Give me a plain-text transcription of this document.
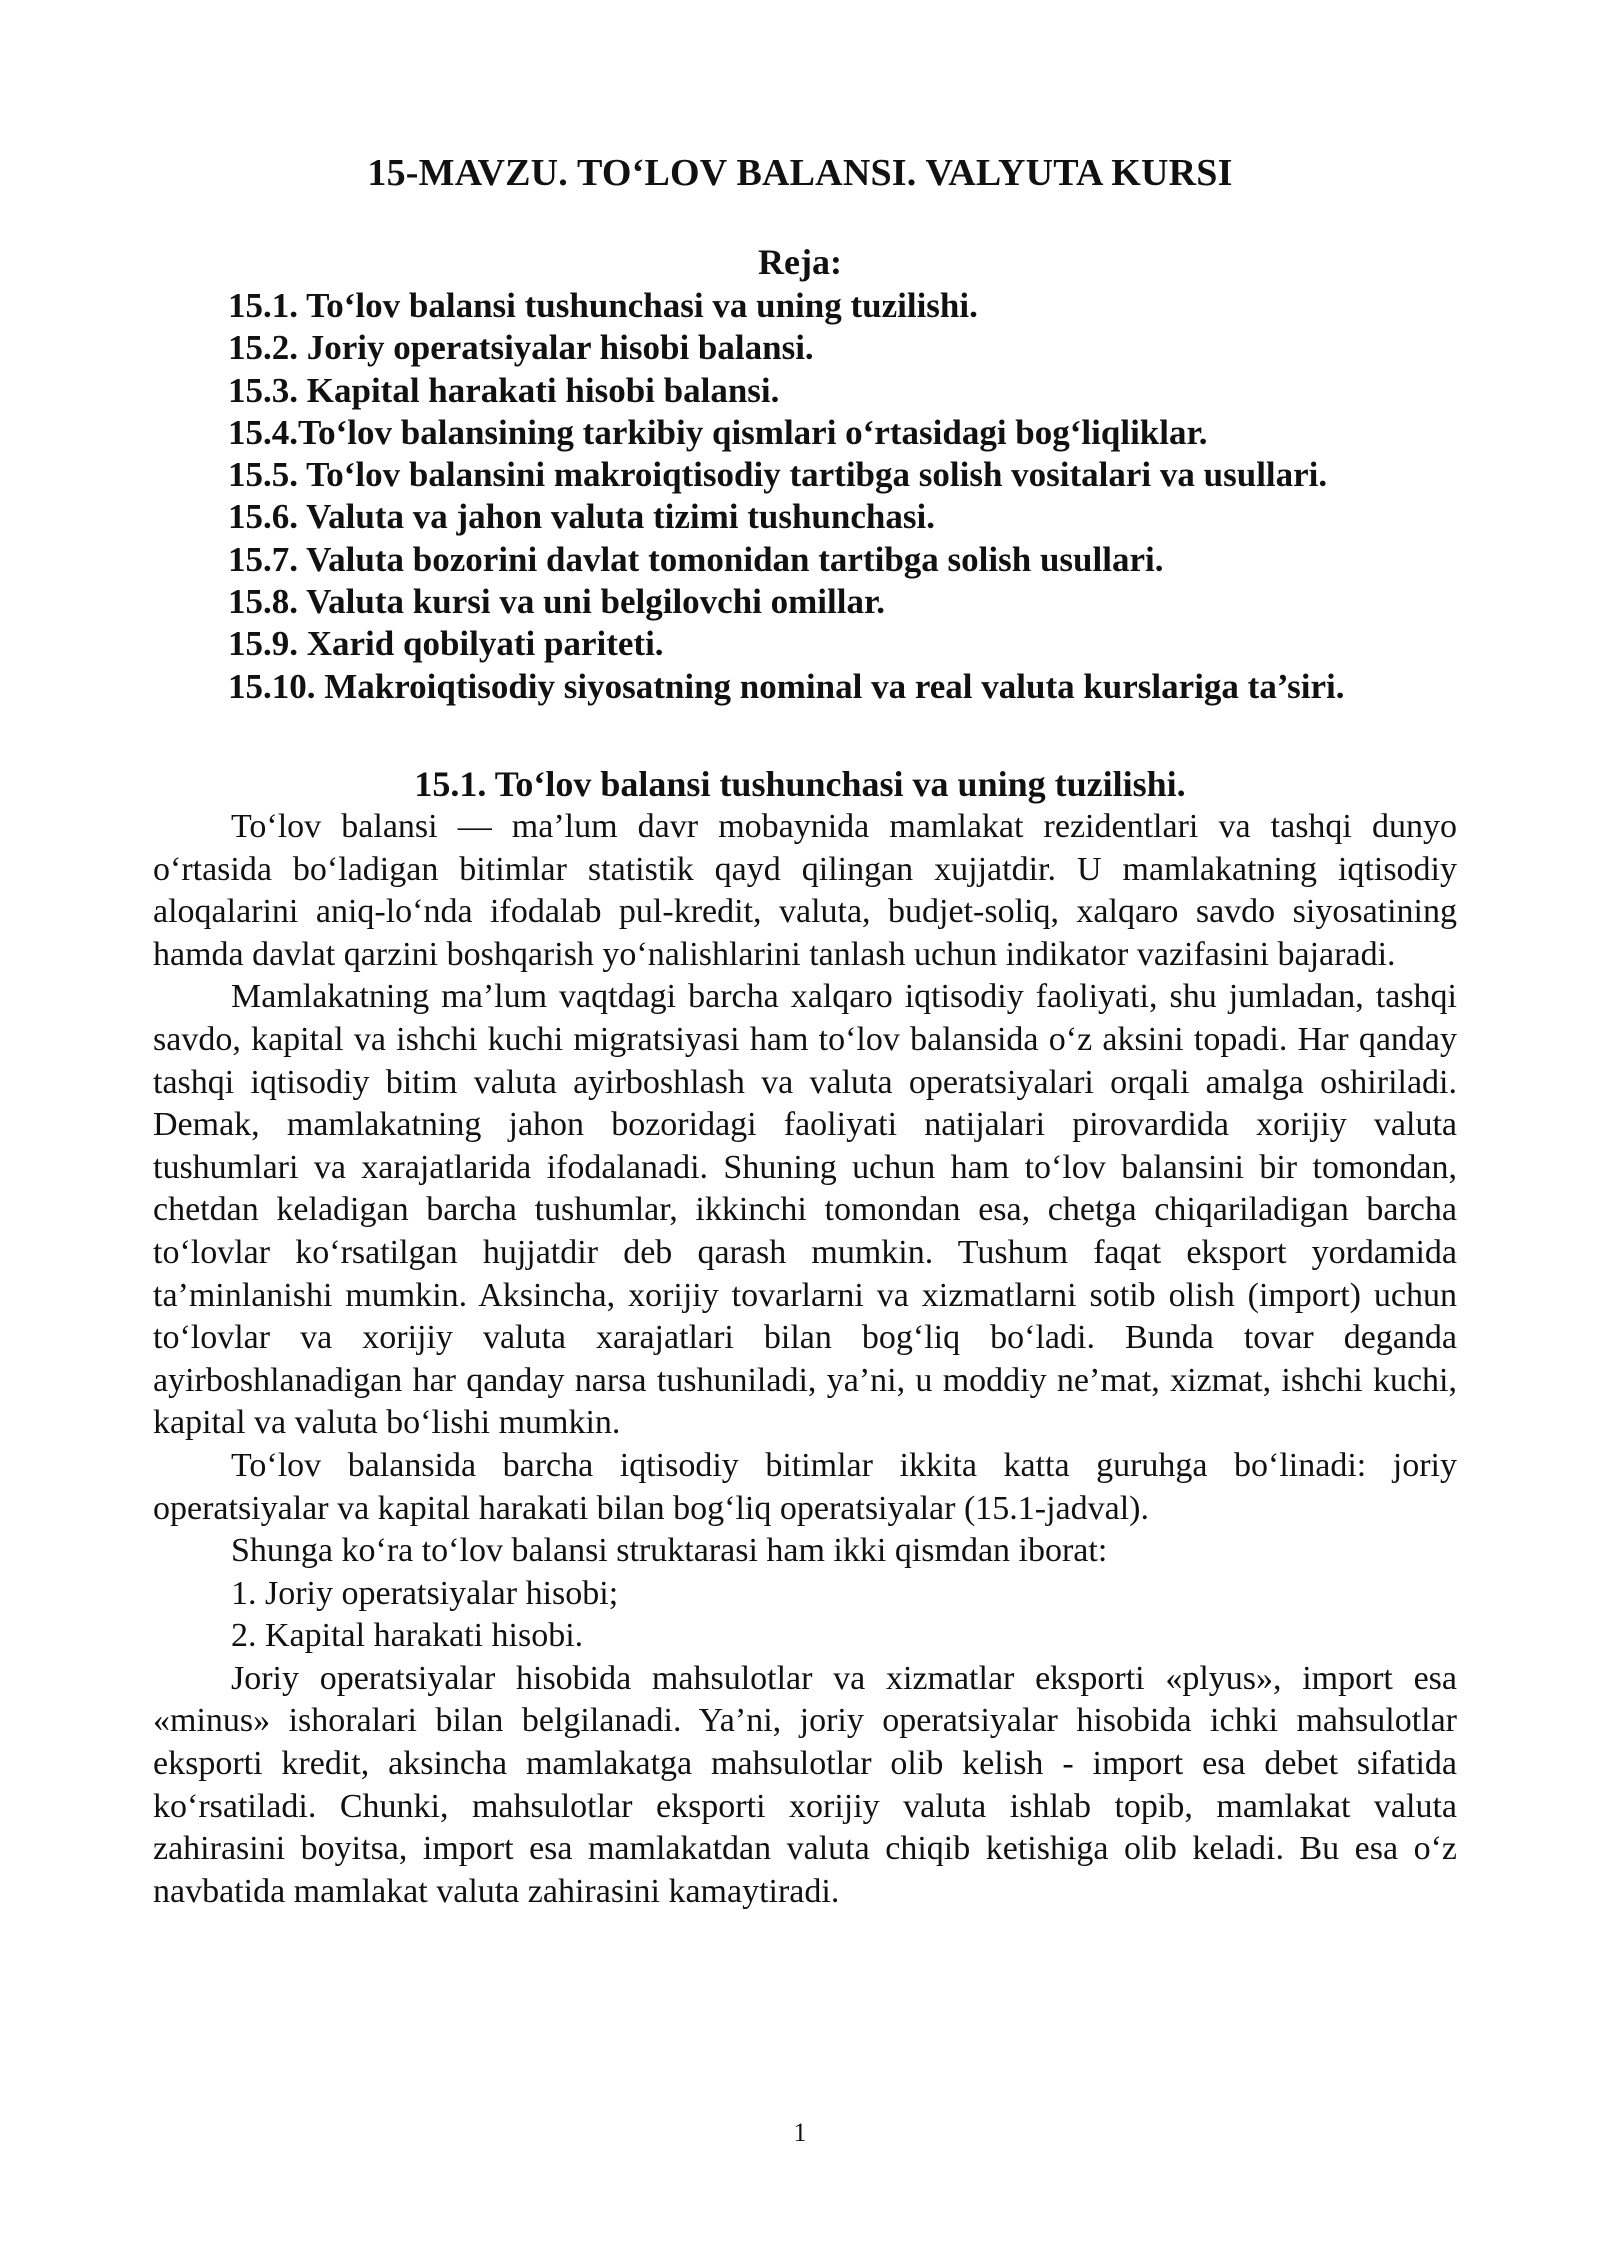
15-MAVZU. TO‘LOV BALANSI. VALYUTA KURSI
Reja:
15.1. To‘lov balansi tushunchasi va uning tuzilishi.
15.2. Joriy operatsiyalar hisobi balansi.
15.3. Kapital harakati hisobi balansi.
15.4.To‘lov balansining tarkibiy qismlari o‘rtasidagi bog‘liqliklar.
15.5. To‘lov balansini makroiqtisodiy tartibga solish vositalari va usullari.
15.6. Valuta va jahon valuta tizimi tushunchasi.
15.7. Valuta bozorini davlat tomonidan tartibga solish usullari.
15.8. Valuta kursi va uni belgilovchi omillar.
15.9. Xarid qobilyati pariteti.
15.10. Makroiqtisodiy siyosatning nominal va real valuta kurslariga ta’siri.
15.1. To‘lov balansi tushunchasi va uning tuzilishi.

To‘lov balansi — ma’lum davr mobaynida mamlakat rezidentlari va tashqi dunyo o‘rtasida bo‘ladigan bitimlar statistik qayd qilingan xujjatdir. U mamlakatning iqtisodiy aloqalarini aniq-lo‘nda ifodalab pul-kredit, valuta, budjet-soliq, xalqaro savdo siyosatining hamda davlat qarzini boshqarish yo‘nalishlarini tanlash uchun indikator vazifasini bajaradi.

Mamlakatning ma’lum vaqtdagi barcha xalqaro iqtisodiy faoliyati, shu jumladan, tashqi savdo, kapital va ishchi kuchi migratsiyasi ham to‘lov balansida o‘z aksini topadi. Har qanday tashqi iqtisodiy bitim valuta ayirboshlash va valuta operatsiyalari orqali amalga oshiriladi. Demak, mamlakatning jahon bozoridagi faoliyati natijalari pirovardida xorijiy valuta tushumlari va xarajatlarida ifodalanadi. Shuning uchun ham to‘lov balansini bir tomondan, chetdan keladigan barcha tushumlar, ikkinchi tomondan esa, chetga chiqariladigan barcha to‘lovlar ko‘rsatilgan hujjatdir deb qarash mumkin. Tushum faqat eksport yordamida ta’minlanishi mumkin. Aksincha, xorijiy tovarlarni va xizmatlarni sotib olish (import) uchun to‘lovlar va xorijiy valuta xarajatlari bilan bog‘liq bo‘ladi. Bunda tovar deganda ayirboshlanadigan har qanday narsa tushuniladi, ya’ni, u moddiy ne’mat, xizmat, ishchi kuchi, kapital va valuta bo‘lishi mumkin.

To‘lov balansida barcha iqtisodiy bitimlar ikkita katta guruhga bo‘linadi: joriy operatsiyalar va kapital harakati bilan bog‘liq operatsiyalar (15.1-jadval).

Shunga ko‘ra to‘lov balansi struktarasi ham ikki qismdan iborat:

1. Joriy operatsiyalar hisobi;

2. Kapital harakati hisobi.

Joriy operatsiyalar hisobida mahsulotlar va xizmatlar eksporti «plyus», import esa «minus» ishoralari bilan belgilanadi. Ya’ni, joriy operatsiyalar hisobida ichki mahsulotlar eksporti kredit, aksincha mamlakatga mahsulotlar olib kelish - import esa debet sifatida ko‘rsatiladi. Chunki, mahsulotlar eksporti xorijiy valuta ishlab topib, mamlakat valuta zahirasini boyitsa, import esa mamlakatdan valuta chiqib ketishiga olib keladi. Bu esa o‘z navbatida mamlakat valuta zahirasini kamaytiradi.

1
